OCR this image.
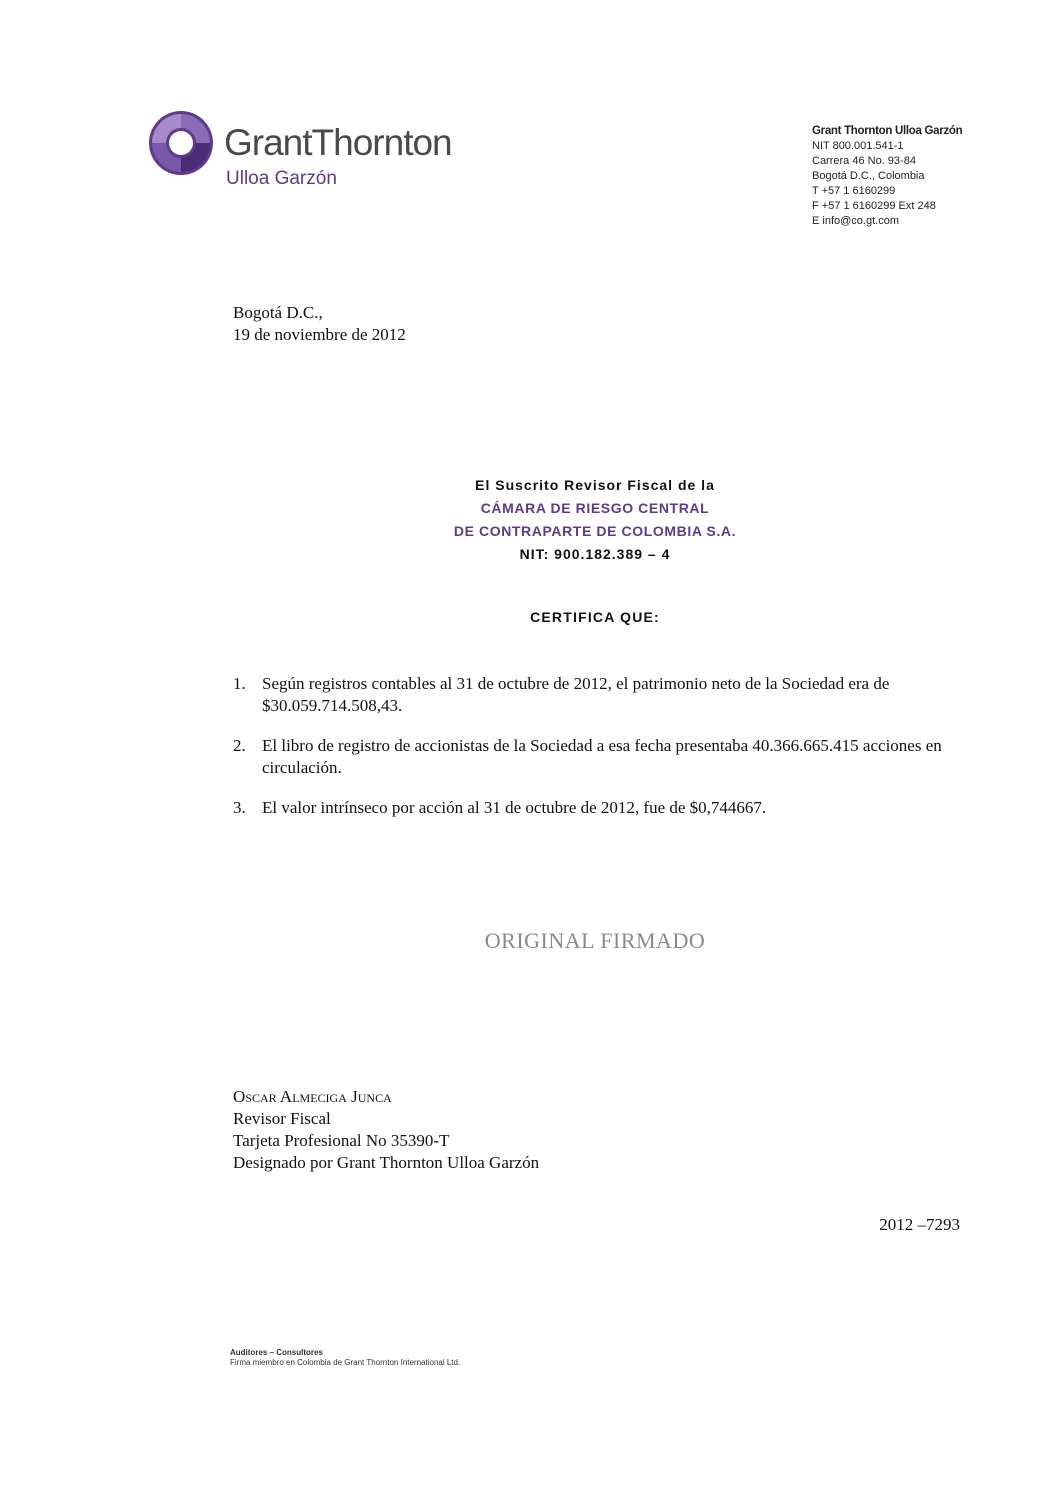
GrantThornton
Ulloa Garzón
Grant Thornton Ulloa Garzón
NIT 800.001.541-1
Carrera 46 No. 93-84
Bogotá D.C., Colombia
T +57 1 6160299
F +57 1 6160299 Ext 248
E info@co.gt.com
Bogotá D.C.,
19 de noviembre de 2012
El Suscrito Revisor Fiscal de la
CÁMARA DE RIESGO CENTRAL
DE CONTRAPARTE DE COLOMBIA S.A.
NIT: 900.182.389 – 4
CERTIFICA QUE:
1. Según registros contables al 31 de octubre de 2012, el patrimonio neto de la Sociedad era de $30.059.714.508,43.
2. El libro de registro de accionistas de la Sociedad a esa fecha presentaba 40.366.665.415 acciones en circulación.
3. El valor intrínseco por acción al 31 de octubre de 2012, fue de $0,744667.
ORIGINAL FIRMADO
Oscar Almeciga Junca
Revisor Fiscal
Tarjeta Profesional No 35390-T
Designado por Grant Thornton Ulloa Garzón
2012 –7293
Auditores – Consultores
Firma miembro en Colombia de Grant Thornton International Ltd.
